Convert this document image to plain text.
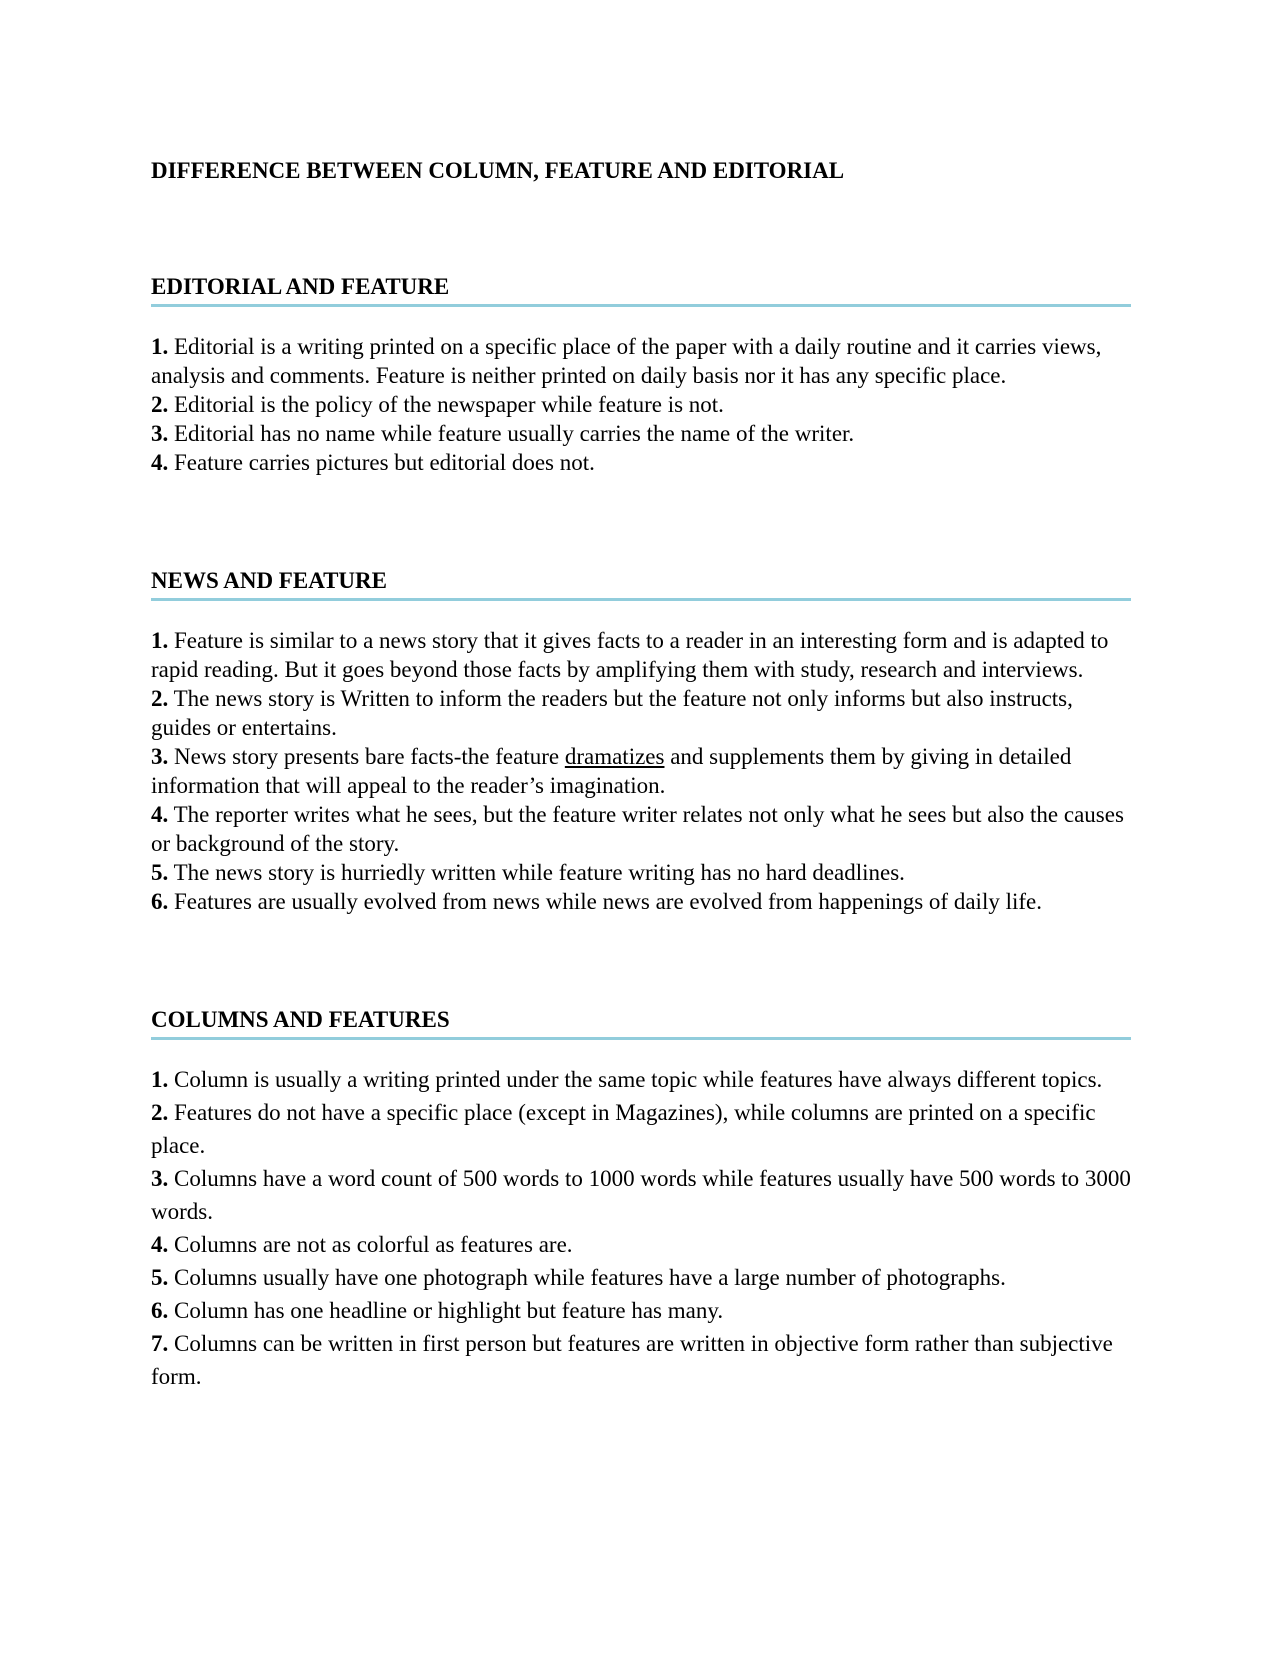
DIFFERENCE BETWEEN COLUMN, FEATURE AND EDITORIAL
EDITORIAL AND FEATURE
1. Editorial is a writing printed on a specific place of the paper with a daily routine and it carries views, analysis and comments. Feature is neither printed on daily basis nor it has any specific place.
2. Editorial is the policy of the newspaper while feature is not.
3. Editorial has no name while feature usually carries the name of the writer.
4. Feature carries pictures but editorial does not.
NEWS AND FEATURE
1. Feature is similar to a news story that it gives facts to a reader in an interesting form and is adapted to rapid reading. But it goes beyond those facts by amplifying them with study, research and interviews.
2. The news story is Written to inform the readers but the feature not only informs but also instructs, guides or entertains.
3. News story presents bare facts-the feature dramatizes and supplements them by giving in detailed information that will appeal to the reader’s imagination.
4. The reporter writes what he sees, but the feature writer relates not only what he sees but also the causes or background of the story.
5. The news story is hurriedly written while feature writing has no hard deadlines.
6. Features are usually evolved from news while news are evolved from happenings of daily life.
COLUMNS AND FEATURES
1. Column is usually a writing printed under the same topic while features have always different topics.
2. Features do not have a specific place (except in Magazines), while columns are printed on a specific place.
3. Columns have a word count of 500 words to 1000 words while features usually have 500 words to 3000 words.
4. Columns are not as colorful as features are.
5. Columns usually have one photograph while features have a large number of photographs.
6. Column has one headline or highlight but feature has many.
7. Columns can be written in first person but features are written in objective form rather than subjective form.
